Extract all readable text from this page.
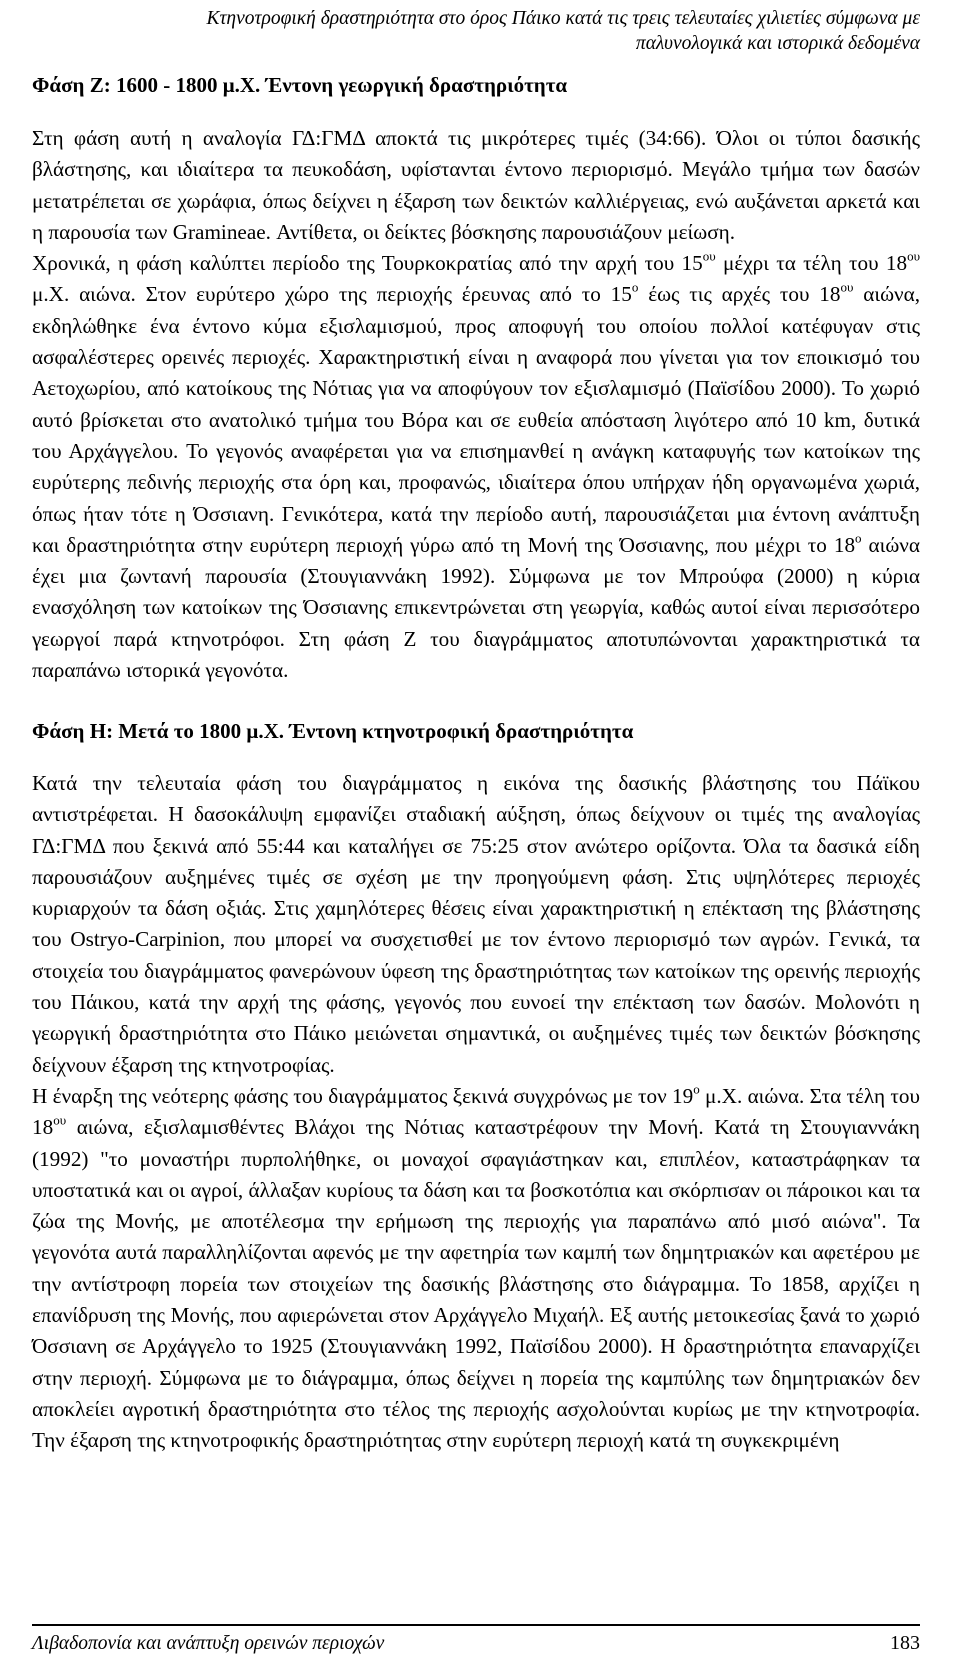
Κτηνοτροφική δραστηριότητα στο όρος Πάικο κατά τις τρεις τελευταίες χιλιετίες σύμφωνα με
παλυνολογικά και ιστορικά δεδομένα
Φάση Ζ: 1600 - 1800 μ.Χ. Έντονη γεωργική δραστηριότητα

Στη φάση αυτή η αναλογία ΓΔ:ΓΜΔ αποκτά τις μικρότερες τιμές (34:66). Όλοι οι τύποι δασικής βλάστησης, και ιδιαίτερα τα πευκοδάση, υφίστανται έντονο περιορισμό. Μεγάλο τμήμα των δασών μετατρέπεται σε χωράφια, όπως δείχνει η έξαρση των δεικτών καλλιέργειας, ενώ αυξάνεται αρκετά και η παρουσία των Gramineae. Αντίθετα, οι δείκτες βόσκησης παρουσιάζουν μείωση.

Χρονικά, η φάση καλύπτει περίοδο της Τουρκοκρατίας από την αρχή του $15^{o\upsilon}$ μέχρι τα τέλη του $18^{o\upsilon}$ μ.Χ. αιώνα. Στον ευρύτερο χώρο της περιοχής έρευνας από το $15^o$ έως τις αρχές του $18^{o\upsilon}$ αιώνα, εκδηλώθηκε ένα έντονο κύμα εξισλαμισμού, προς αποφυγή του οποίου πολλοί κατέφυγαν στις ασφαλέστερες ορεινές περιοχές. Χαρακτηριστική είναι η αναφορά που γίνεται για τον εποικισμό του Αετοχωρίου, από κατοίκους της Νότιας για να αποφύγουν τον εξισλαμισμό (Παϊσίδου 2000). Το χωριό αυτό βρίσκεται στο ανατολικό τμήμα του Βόρα και σε ευθεία απόσταση λιγότερο από 10 km, δυτικά του Αρχάγγελου. Το γεγονός αναφέρεται για να επισημανθεί η ανάγκη καταφυγής των κατοίκων της ευρύτερης πεδινής περιοχής στα όρη και, προφανώς, ιδιαίτερα όπου υπήρχαν ήδη οργανωμένα χωριά, όπως ήταν τότε η Όσσιανη. Γενικότερα, κατά την περίοδο αυτή, παρουσιάζεται μια έντονη ανάπτυξη και δραστηριότητα στην ευρύτερη περιοχή γύρω από τη Μονή της Όσσιανης, που μέχρι το $18^o$ αιώνα έχει μια ζωντανή παρουσία (Στουγιαννάκη 1992). Σύμφωνα με τον Μπρούφα (2000) η κύρια ενασχόληση των κατοίκων της Όσσιανης επικεντρώνεται στη γεωργία, καθώς αυτοί είναι περισσότερο γεωργοί παρά κτηνοτρόφοι. Στη φάση Ζ του διαγράμματος αποτυπώνονται χαρακτηριστικά τα παραπάνω ιστορικά γεγονότα.

Φάση Η: Μετά το 1800 μ.Χ. Έντονη κτηνοτροφική δραστηριότητα

Κατά την τελευταία φάση του διαγράμματος η εικόνα της δασικής βλάστησης του Πάϊκου αντιστρέφεται. Η δασοκάλυψη εμφανίζει σταδιακή αύξηση, όπως δείχνουν οι τιμές της αναλογίας ΓΔ:ΓΜΔ που ξεκινά από 55:44 και καταλήγει σε 75:25 στον ανώτερο ορίζοντα. Όλα τα δασικά είδη παρουσιάζουν αυξημένες τιμές σε σχέση με την προηγούμενη φάση. Στις υψηλότερες περιοχές κυριαρχούν τα δάση οξιάς. Στις χαμηλότερες θέσεις είναι χαρακτηριστική η επέκταση της βλάστησης του Ostryo-Carpinion, που μπορεί να συσχετισθεί με τον έντονο περιορισμό των αγρών. Γενικά, τα στοιχεία του διαγράμματος φανερώνουν ύφεση της δραστηριότητας των κατοίκων της ορεινής περιοχής του Πάικου, κατά την αρχή της φάσης, γεγονός που ευνοεί την επέκταση των δασών. Μολονότι η γεωργική δραστηριότητα στο Πάικο μειώνεται σημαντικά, οι αυξημένες τιμές των δεικτών βόσκησης δείχνουν έξαρση της κτηνοτροφίας.

Η έναρξη της νεότερης φάσης του διαγράμματος ξεκινά συγχρόνως με τον $19^o$ μ.Χ. αιώνα. Στα τέλη του $18^{o\upsilon}$ αιώνα, εξισλαμισθέντες Βλάχοι της Νότιας καταστρέφουν την Μονή. Κατά τη Στουγιαννάκη (1992) "το μοναστήρι πυρπολήθηκε, οι μοναχοί σφαγιάστηκαν και, επιπλέον, καταστράφηκαν τα υποστατικά και οι αγροί, άλλαξαν κυρίους τα δάση και τα βοσκοτόπια και σκόρπισαν οι πάροικοι και τα ζώα της Μονής, με αποτέλεσμα την ερήμωση της περιοχής για παραπάνω από μισό αιώνα". Τα γεγονότα αυτά παραλληλίζονται αφενός με την αφετηρία των καμπή των δημητριακών και αφετέρου με την αντίστροφη πορεία των στοιχείων της δασικής βλάστησης στο διάγραμμα. Το 1858, αρχίζει η επανίδρυση της Μονής, που αφιερώνεται στον Αρχάγγελο Μιχαήλ. Εξ αυτής μετοικεσίας ξανά το χωριό Όσσιανη σε Αρχάγγελο το 1925 (Στουγιαννάκη 1992, Παϊσίδου 2000). Η δραστηριότητα επαναρχίζει στην περιοχή. Σύμφωνα με το διάγραμμα, όπως δείχνει η πορεία της καμπύλης των δημητριακών δεν αποκλείει αγροτική δραστηριότητα στο τέλος της περιοχής ασχολούνται κυρίως με την κτηνοτροφία. Την έξαρση της κτηνοτροφικής δραστηριότητας στην ευρύτερη περιοχή κατά τη συγκεκριμένη

Λιβαδοπονία και ανάπτυξη ορεινών περιοχών	183
